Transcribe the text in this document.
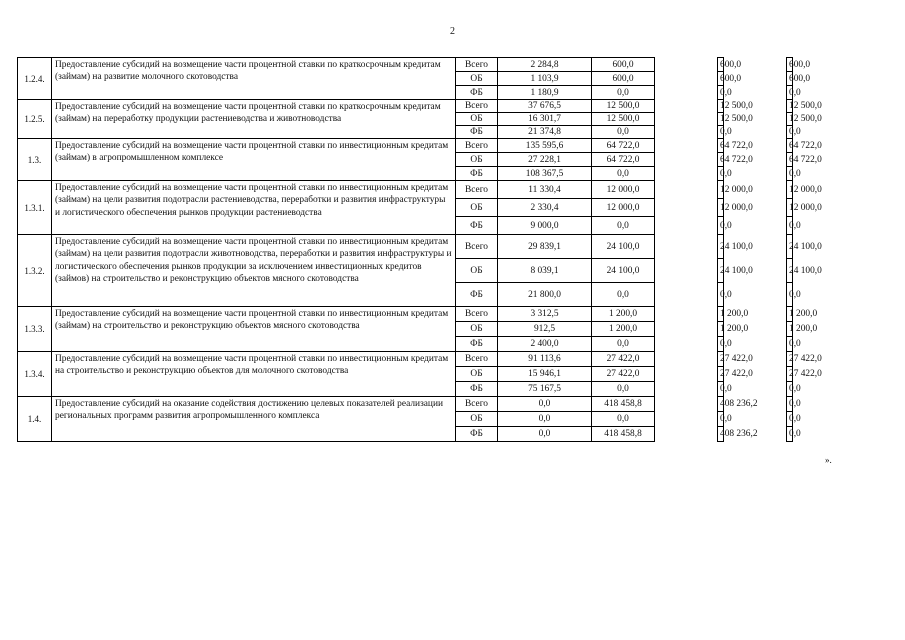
2
1.2.4.	Предоставление субсидий на возмещение части процентной ставки по краткосрочным кредитам (займам) на развитие молочного скотоводства	Всего	2 284,8	600,0		600,0		600,0
		ОБ	1 103,9	600,0		600,0		600,0
		ФБ	1 180,9	0,0		0,0		0,0
1.2.5.	Предоставление субсидий на возмещение части процентной ставки по краткосрочным кредитам (займам) на переработку продукции растениеводства и животноводства	Всего	37 676,5	12 500,0		12 500,0		12 500,0
		ОБ	16 301,7	12 500,0		12 500,0		12 500,0
		ФБ	21 374,8	0,0		0,0		0,0
1.3.	Предоставление субсидий на возмещение части процентной ставки по инвестиционным кредитам (займам) в агропромышленном комплексе	Всего	135 595,6	64 722,0		64 722,0		64 722,0
		ОБ	27 228,1	64 722,0		64 722,0		64 722,0
		ФБ	108 367,5	0,0		0,0		0,0
1.3.1.	Предоставление субсидий на возмещение части процентной ставки по инвестиционным кредитам (займам) на цели развития подотрасли растениеводства, переработки и развития инфраструктуры и логистического обеспечения рынков продукции растениеводства	Всего	11 330,4	12 000,0		12 000,0		12 000,0
		ОБ	2 330,4	12 000,0		12 000,0		12 000,0
		ФБ	9 000,0	0,0		0,0		0,0
1.3.2.	Предоставление субсидий на возмещение части процентной ставки по инвестиционным кредитам (займам) на цели развития подотрасли животноводства, переработки и развития инфраструктуры и логистического обеспечения рынков продукции за исключением инвестиционных кредитов (займов) на строительство и реконструкцию объектов мясного скотоводства	Всего	29 839,1	24 100,0		24 100,0		24 100,0
		ОБ	8 039,1	24 100,0		24 100,0		24 100,0
		ФБ	21 800,0	0,0		0,0		0,0
1.3.3.	Предоставление субсидий на возмещение части процентной ставки по инвестиционным кредитам (займам) на строительство и реконструкцию объектов мясного скотоводства	Всего	3 312,5	1 200,0		1 200,0		1 200,0
		ОБ	912,5	1 200,0		1 200,0		1 200,0
		ФБ	2 400,0	0,0		0,0		0,0
1.3.4.	Предоставление субсидий на возмещение части процентной ставки по инвестиционным кредитам на строительство и реконструкцию объектов для молочного скотоводства	Всего	91 113,6	27 422,0		27 422,0		27 422,0
		ОБ	15 946,1	27 422,0		27 422,0		27 422,0
		ФБ	75 167,5	0,0		0,0		0,0
1.4.	Предоставление субсидий на оказание содействия достижению целевых показателей реализации региональных программ развития агропромышленного комплекса	Всего	0,0	418 458,8		408 236,2		0,0
		ОБ	0,0	0,0		0,0		0,0
		ФБ	0,0	418 458,8		408 236,2		0,0
».
